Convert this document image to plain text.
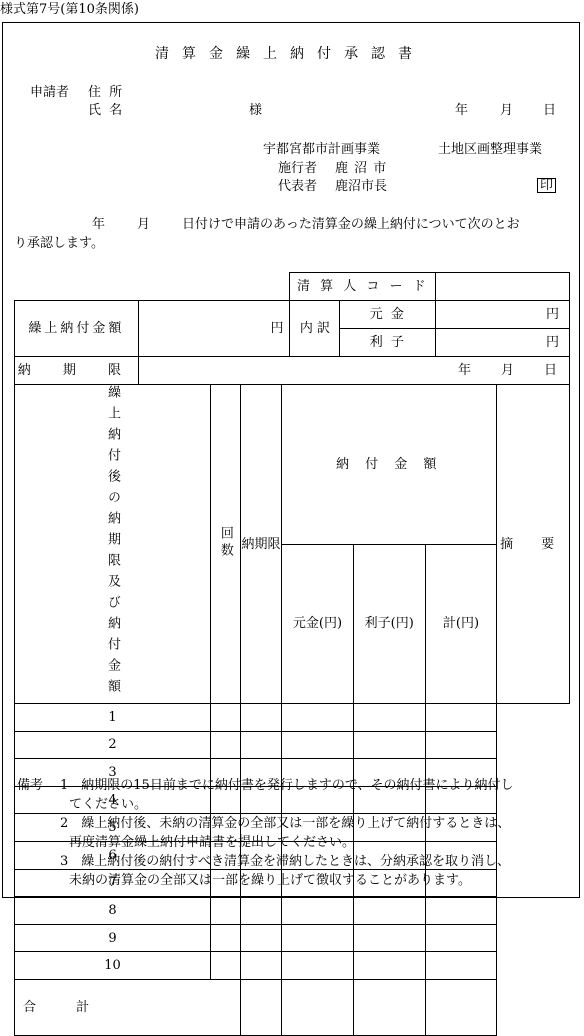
様式第7号(第10条関係)
清算金繰上納付承認書
申請者 住 所
氏 名	様	年 月 日
宇都宮都市計画事業	土地区画整理事業
施行者 鹿 沼 市
代表者 鹿沼市長	印
年 月 日付けで申請のあった清算金の繰上納付について次のとお
り承認します。
		清 算 人 コ ー ド		
繰上納付金額	円	内 訳	元 金	円
			利 子	円
納 期 限	年 月 日			
繰上納付後の納期限及び納付金額	回数	納期限	納 付 金 額			摘 要
			元金(円)	利子(円)	計(円)	
1						
2						
3						
4						
5						
6						
7						
8						
9						
10						
合 計						
備考 1　納期限の15日前までに納付書を発行しますので、その納付書により納付し
てください。
2　繰上納付後、未納の清算金の全部又は一部を繰り上げて納付するときは、
再度清算金繰上納付申請書を提出してください。
3　繰上納付後の納付すべき清算金を滞納したときは、分納承認を取り消し、
未納の清算金の全部又は一部を繰り上げて徴収することがあります。
